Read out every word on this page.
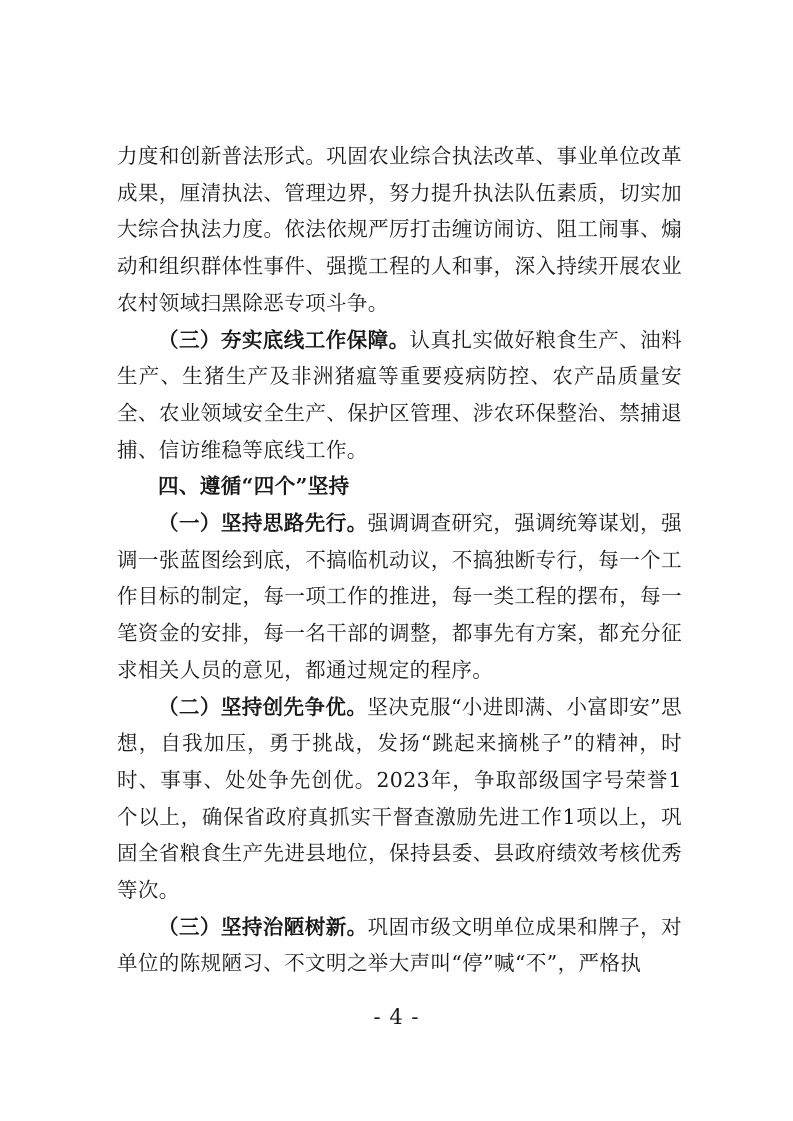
力度和创新普法形式。巩固农业综合执法改革、事业单位改革成果，厘清执法、管理边界，努力提升执法队伍素质，切实加大综合执法力度。依法依规严厉打击缠访闹访、阻工闹事、煽动和组织群体性事件、强揽工程的人和事，深入持续开展农业农村领域扫黑除恶专项斗争。

（三）夯实底线工作保障。认真扎实做好粮食生产、油料生产、生猪生产及非洲猪瘟等重要疫病防控、农产品质量安全、农业领域安全生产、保护区管理、涉农环保整治、禁捕退捕、信访维稳等底线工作。

四、遵循“四个”坚持

（一）坚持思路先行。强调调查研究，强调统筹谋划，强调一张蓝图绘到底，不搞临机动议，不搞独断专行，每一个工作目标的制定，每一项工作的推进，每一类工程的摆布，每一笔资金的安排，每一名干部的调整，都事先有方案，都充分征求相关人员的意见，都通过规定的程序。

（二）坚持创先争优。坚决克服“小进即满、小富即安”思想，自我加压，勇于挑战，发扬“跳起来摘桃子”的精神，时时、事事、处处争先创优。2023年，争取部级国字号荣誉1个以上，确保省政府真抓实干督查激励先进工作1项以上，巩固全省粮食生产先进县地位，保持县委、县政府绩效考核优秀等次。

（三）坚持治陋树新。巩固市级文明单位成果和牌子，对单位的陈规陋习、不文明之举大声叫“停”喊“不”，严格执

- 4 -
